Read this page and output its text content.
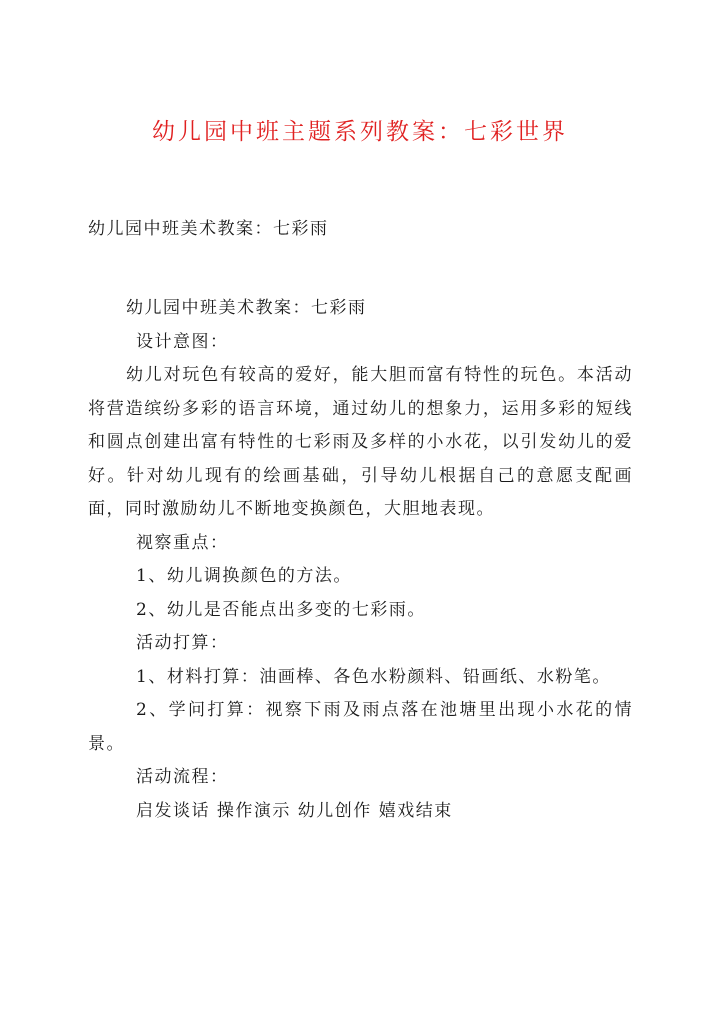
幼儿园中班主题系列教案：七彩世界

幼儿园中班美术教案：七彩雨

幼儿园中班美术教案：七彩雨

设计意图：

幼儿对玩色有较高的爱好，能大胆而富有特性的玩色。本活动将营造缤纷多彩的语言环境，通过幼儿的想象力，运用多彩的短线和圆点创建出富有特性的七彩雨及多样的小水花，以引发幼儿的爱好。针对幼儿现有的绘画基础，引导幼儿根据自己的意愿支配画面，同时激励幼儿不断地变换颜色，大胆地表现。

视察重点：

1、幼儿调换颜色的方法。

2、幼儿是否能点出多变的七彩雨。

活动打算：

1、材料打算：油画棒、各色水粉颜料、铅画纸、水粉笔。

2、学问打算：视察下雨及雨点落在池塘里出现小水花的情景。

活动流程：

启发谈话 操作演示 幼儿创作 嬉戏结束
